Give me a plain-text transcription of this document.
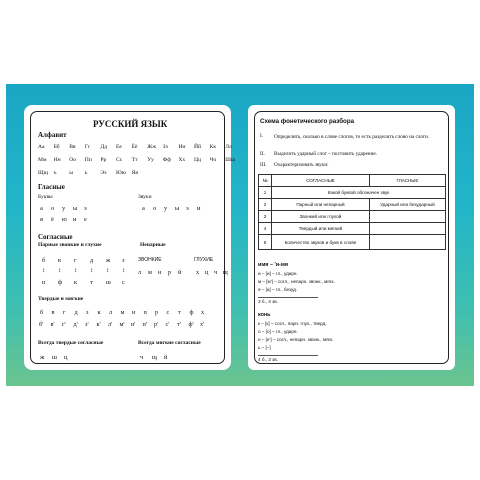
РУССКИЙ ЯЗЫК
Алфавит
Аа Бб Вв Гг Дд Ее Ёё Жж Зз Ии Йй Кк Лл
Мм Нн Оо Пп Рр Сс Тт Уу Фф Хх Цц Чч Шш
Щщ ъ ы ь Ээ Юю Яя
Гласные
Буквы	Звуки
а о у ы э
я ё ю и е
а о у ы э и
Согласные
Парные звонкие и глухие	Непарные
ЗВОНКИЕ	ГЛУХИЕ
б в г д ж з
↕ ↕ ↕ ↕ ↕ ↕
п ф к т ш с
л м н р й х ц ч щ
Твердые и мягкие
б в г д з к л м н п р с т ф х
б' в' г' д' з' к' л' м' н' п' р' с' т' ф' х'
Всегда твердые согласные	Всегда мягкие согласные
ж ш ц	ч щ й
Схема фонетического разбора
I. Определить, сколько в слове слогов, то есть разделить слово на слоги.
II. Выделить ударный слог – поставить ударение.
III. Охарактеризовать звуки:
№	СОГЛАСНЫЕ	ГЛАСНЫЕ
1	Какой буквой обозначен звук	
2	Парный или непарный	Ударный или безударный
3	Звонкий или глухой	
4	Твердый или мягкий	
5	Количество звуков и букв в слове	
имя – 'и-мя
и – [и] – гл., ударн.
м – [м'] – согл., непарн. звонк., мягк.
я – [а] – гл., безуд.
3 б., 3 зв.
конь
к – [к] – согл., парн. глух., тверд.
о – [о] – гл., ударн.
н – [н'] – согл., непарн. звонк., мягк.
ь – [–]
4 б., 3 зв.
